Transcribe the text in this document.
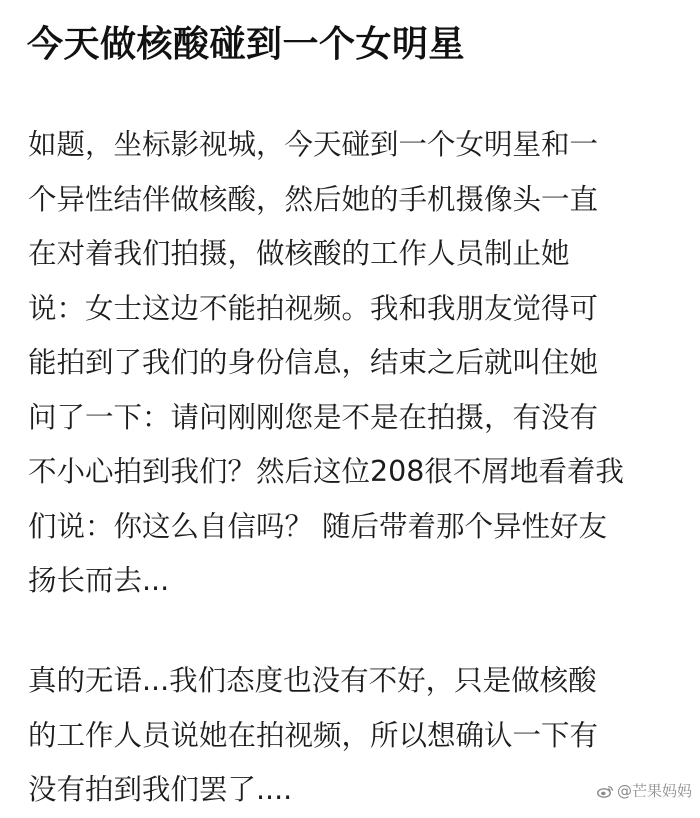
今天做核酸碰到一个女明星
如题，坐标影视城，今天碰到一个女明星和一
个异性结伴做核酸，然后她的手机摄像头一直
在对着我们拍摄，做核酸的工作人员制止她
说：女士这边不能拍视频。我和我朋友觉得可
能拍到了我们的身份信息，结束之后就叫住她
问了一下：请问刚刚您是不是在拍摄，有没有
不小心拍到我们？然后这位208很不屑地看着我
们说：你这么自信吗？ 随后带着那个异性好友
扬长而去...
真的无语...我们态度也没有不好，只是做核酸
的工作人员说她在拍视频，所以想确认一下有
没有拍到我们罢了....	@芒果妈妈
